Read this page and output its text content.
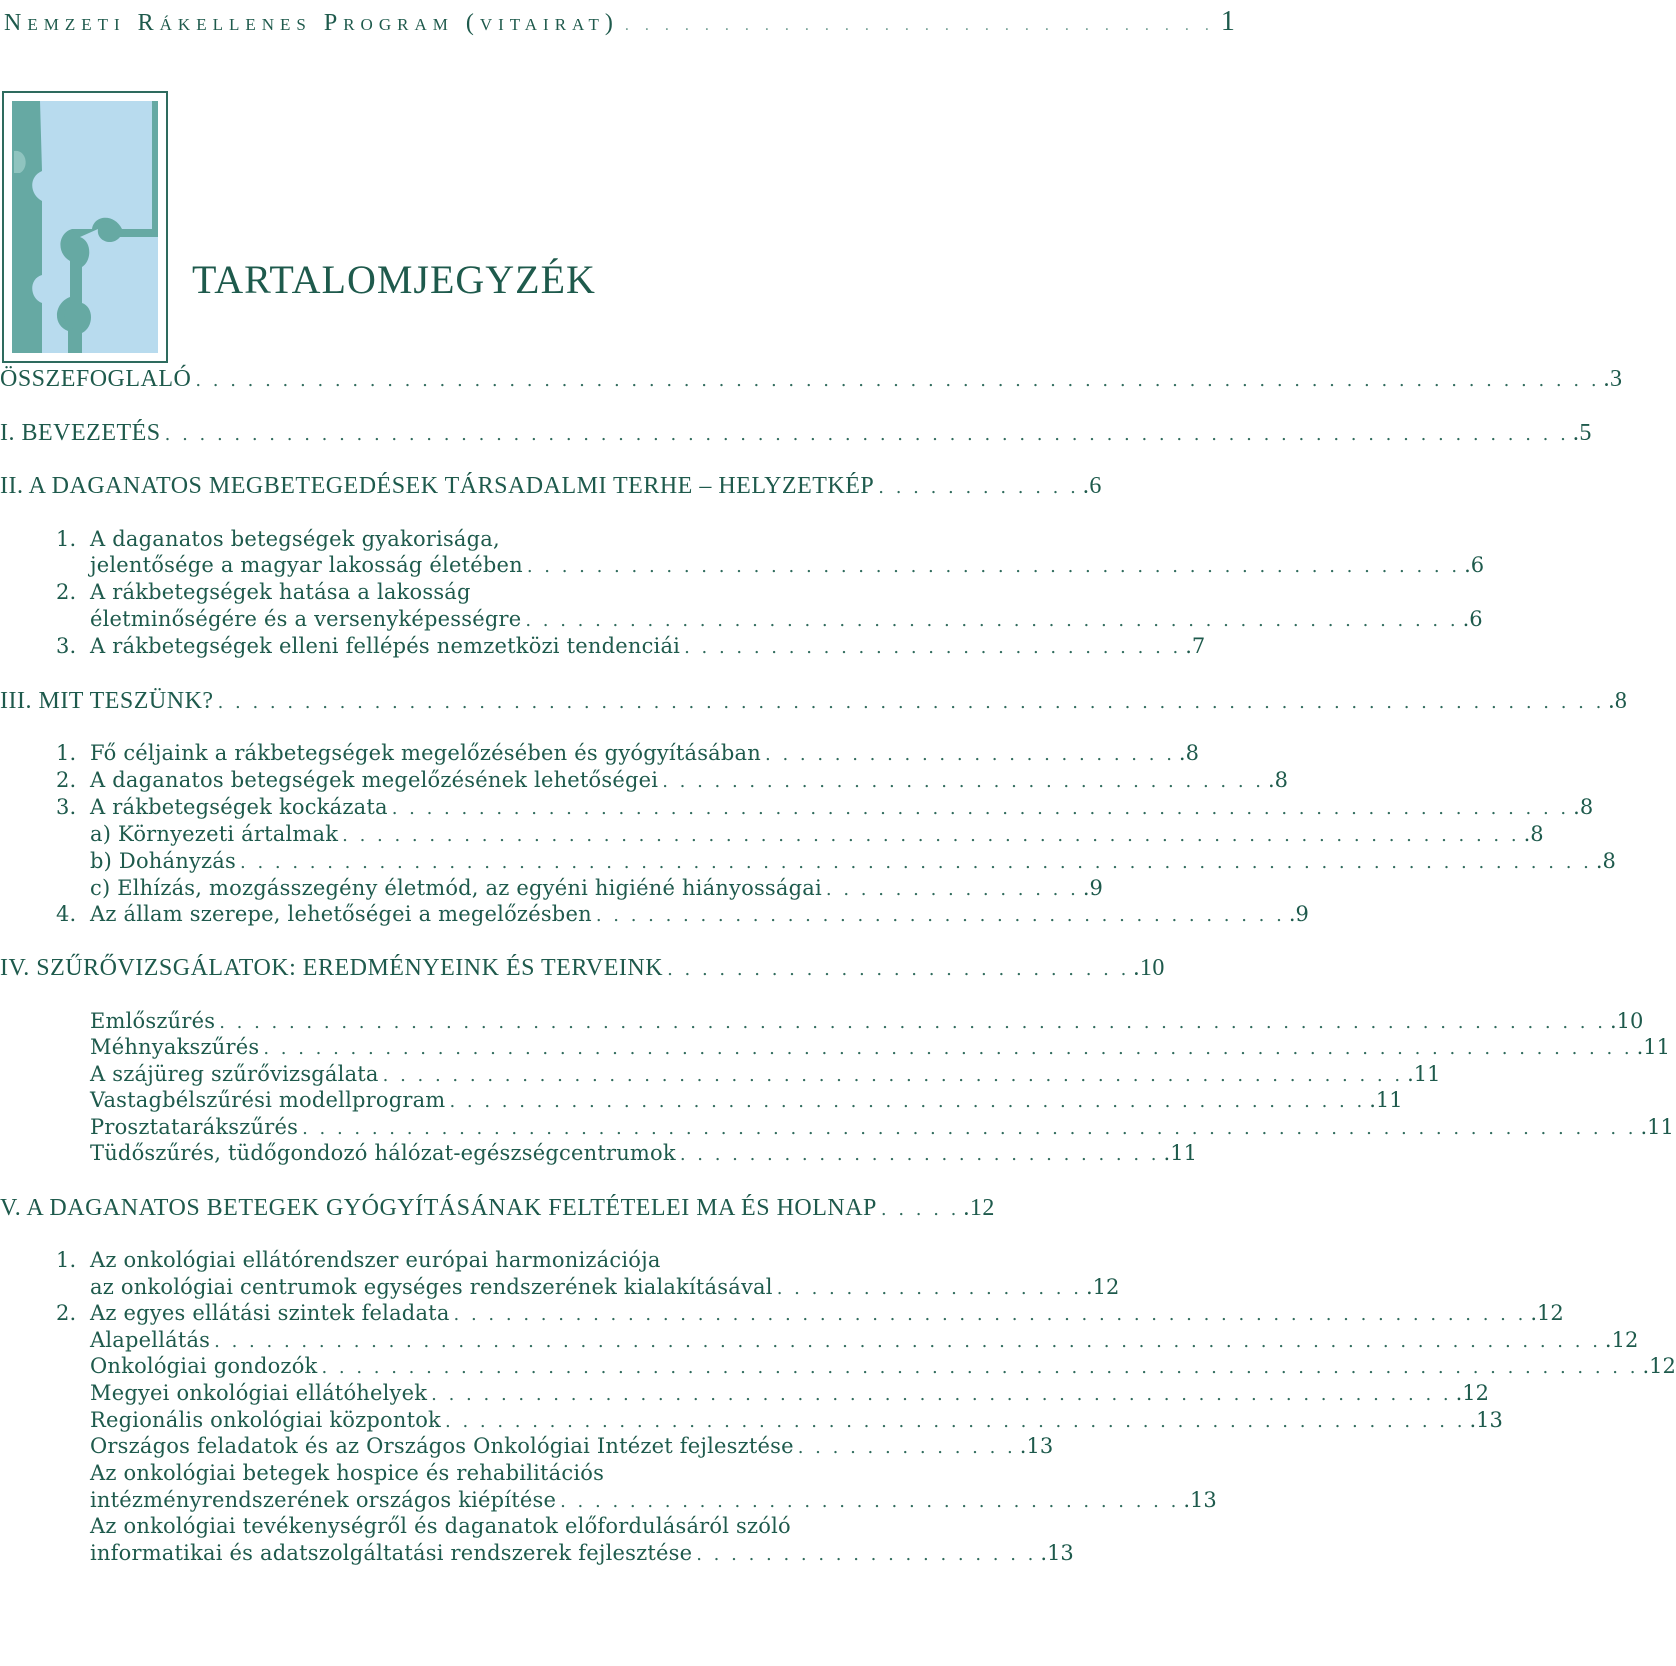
Nemzeti Rákellenes Program (vitairat) . . . . . . . . . . . . . . . . . . . . . . . . . . . . . . 1
TARTALOMJEGYZÉK
ÖSSZEFOGLALÓ . . . . . . . . . . . . . . . . . . . . . . . . . . . . . . . . . . . . . . . . . . . . . . . . . . . . . . . . . . . . . . . . . . . . . . . . . . . . . . . . . .3
I. BEVEZETÉS . . . . . . . . . . . . . . . . . . . . . . . . . . . . . . . . . . . . . . . . . . . . . . . . . . . . . . . . . . . . . . . . . . . . . . . . . . . . . . . . . .5
II. A DAGANATOS MEGBETEGEDÉSEK TÁRSADALMI TERHE – HELYZETKÉP . . . . . . . . . . . . .6
1. A daganatos betegségek gyakorisága,
jelentősége a magyar lakosság életében . . . . . . . . . . . . . . . . . . . . . . . . . . . . . . . . . . . . . . . . . . . . . . . . . . . . . . .6
2. A rákbetegségek hatása a lakosság
életminőségére és a versenyképességre . . . . . . . . . . . . . . . . . . . . . . . . . . . . . . . . . . . . . . . . . . . . . . . . . . . . . . .6
3. A rákbetegségek elleni fellépés nemzetközi tendenciái . . . . . . . . . . . . . . . . . . . . . . . . . . . . . .7
III. MIT TESZÜNK? . . . . . . . . . . . . . . . . . . . . . . . . . . . . . . . . . . . . . . . . . . . . . . . . . . . . . . . . . . . . . . . . . . . . . . . . . . . . . . . . .8
1. Fő céljaink a rákbetegségek megelőzésében és gyógyításában . . . . . . . . . . . . . . . . . . . . . . . . .8
2. A daganatos betegségek megelőzésének lehetőségei . . . . . . . . . . . . . . . . . . . . . . . . . . . . . . . . . . . .8
3. A rákbetegségek kockázata . . . . . . . . . . . . . . . . . . . . . . . . . . . . . . . . . . . . . . . . . . . . . . . . . . . . . . . . . . . . . . . . . . . . .8
a) Környezeti ártalmak . . . . . . . . . . . . . . . . . . . . . . . . . . . . . . . . . . . . . . . . . . . . . . . . . . . . . . . . . . . . . . . . . . . . .8
b) Dohányzás . . . . . . . . . . . . . . . . . . . . . . . . . . . . . . . . . . . . . . . . . . . . . . . . . . . . . . . . . . . . . . . . . . . . . . . . . . . . . . .8
c) Elhízás, mozgásszegény életmód, az egyéni higiéné hiányosságai . . . . . . . . . . . . . . . .9
4. Az állam szerepe, lehetőségei a megelőzésben . . . . . . . . . . . . . . . . . . . . . . . . . . . . . . . . . . . . . . . . .9
IV. SZŰRŐVIZSGÁLATOK: EREDMÉNYEINK ÉS TERVEINK . . . . . . . . . . . . . . . . . . . . . . . . . . . .10
Emlőszűrés . . . . . . . . . . . . . . . . . . . . . . . . . . . . . . . . . . . . . . . . . . . . . . . . . . . . . . . . . . . . . . . . . . . . . . . . . . . . . . . . .10
Méhnyakszűrés . . . . . . . . . . . . . . . . . . . . . . . . . . . . . . . . . . . . . . . . . . . . . . . . . . . . . . . . . . . . . . . . . . . . . . . . . . . . . . . .11
A szájüreg szűrővizsgálata . . . . . . . . . . . . . . . . . . . . . . . . . . . . . . . . . . . . . . . . . . . . . . . . . . . . . . . . . . . .11
Vastagbélszűrési modellprogram . . . . . . . . . . . . . . . . . . . . . . . . . . . . . . . . . . . . . . . . . . . . . . . . . . . . . .11
Prosztatarákszűrés . . . . . . . . . . . . . . . . . . . . . . . . . . . . . . . . . . . . . . . . . . . . . . . . . . . . . . . . . . . . . . . . . . . . . . . . . . . . . .11
Tüdőszűrés, tüdőgondozó hálózat-egészségcentrumok . . . . . . . . . . . . . . . . . . . . . . . . . . . . .11
V. A DAGANATOS BETEGEK GYÓGYÍTÁSÁNAK FELTÉTELEI MA ÉS HOLNAP . . . . . .12
1. Az onkológiai ellátórendszer európai harmonizációja
az onkológiai centrumok egységes rendszerének kialakításával . . . . . . . . . . . . . . . . . . .12
2. Az egyes ellátási szintek feladata . . . . . . . . . . . . . . . . . . . . . . . . . . . . . . . . . . . . . . . . . . . . . . . . . . . . . . . . . . . . . . .12
Alapellátás . . . . . . . . . . . . . . . . . . . . . . . . . . . . . . . . . . . . . . . . . . . . . . . . . . . . . . . . . . . . . . . . . . . . . . . . . . . . . . . . .12
Onkológiai gondozók . . . . . . . . . . . . . . . . . . . . . . . . . . . . . . . . . . . . . . . . . . . . . . . . . . . . . . . . . . . . . . . . . . . . . . . . . . . . .12
Megyei onkológiai ellátóhelyek . . . . . . . . . . . . . . . . . . . . . . . . . . . . . . . . . . . . . . . . . . . . . . . . . . . . . . . . . . . .12
Regionális onkológiai központok . . . . . . . . . . . . . . . . . . . . . . . . . . . . . . . . . . . . . . . . . . . . . . . . . . . . . . . . . . . .13
Országos feladatok és az Országos Onkológiai Intézet fejlesztése . . . . . . . . . . . . . .13
Az onkológiai betegek hospice és rehabilitációs
intézményrendszerének országos kiépítése . . . . . . . . . . . . . . . . . . . . . . . . . . . . . . . . . . . . .13
Az onkológiai tevékenységről és daganatok előfordulásáról szóló
informatikai és adatszolgáltatási rendszerek fejlesztése . . . . . . . . . . . . . . . . . . . . .13
